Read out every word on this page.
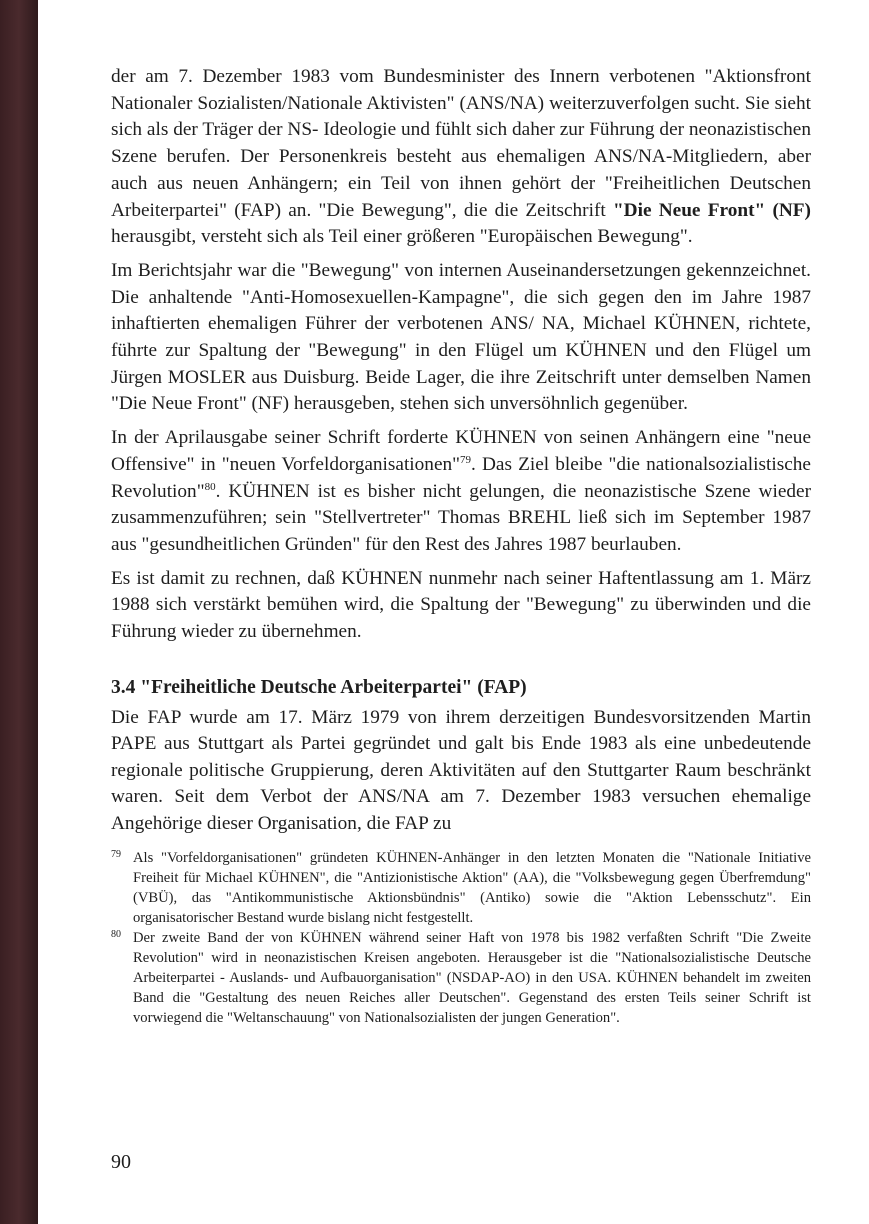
der am 7. Dezember 1983 vom Bundesminister des Innern verbotenen "Aktionsfront Nationaler Sozialisten/Nationale Aktivisten" (ANS/NA) weiterzuverfolgen sucht. Sie sieht sich als der Träger der NS- Ideologie und fühlt sich daher zur Führung der neonazistischen Szene berufen. Der Personenkreis besteht aus ehemaligen ANS/NA-Mitgliedern, aber auch aus neuen Anhängern; ein Teil von ihnen gehört der "Freiheitlichen Deutschen Arbeiterpartei" (FAP) an. "Die Bewegung", die die Zeitschrift "Die Neue Front" (NF) herausgibt, versteht sich als Teil einer größeren "Europäischen Bewegung".

Im Berichtsjahr war die "Bewegung" von internen Auseinandersetzungen gekennzeichnet. Die anhaltende "Anti-Homosexuellen-Kampagne", die sich gegen den im Jahre 1987 inhaftierten ehemaligen Führer der verbotenen ANS/ NA, Michael KÜHNEN, richtete, führte zur Spaltung der "Bewegung" in den Flügel um KÜHNEN und den Flügel um Jürgen MOSLER aus Duisburg. Beide Lager, die ihre Zeitschrift unter demselben Namen "Die Neue Front" (NF) herausgeben, stehen sich unversöhnlich gegenüber.

In der Aprilausgabe seiner Schrift forderte KÜHNEN von seinen Anhängern eine "neue Offensive" in "neuen Vorfeldorganisationen"$^{79}$. Das Ziel bleibe "die nationalsozialistische Revolution"$^{80}$. KÜHNEN ist es bisher nicht gelungen, die neonazistische Szene wieder zusammenzuführen; sein "Stellvertreter" Thomas BREHL ließ sich im September 1987 aus "gesundheitlichen Gründen" für den Rest des Jahres 1987 beurlauben.

Es ist damit zu rechnen, daß KÜHNEN nunmehr nach seiner Haftentlassung am 1. März 1988 sich verstärkt bemühen wird, die Spaltung der "Bewegung" zu überwinden und die Führung wieder zu übernehmen.

3.4 "Freiheitliche Deutsche Arbeiterpartei" (FAP)

Die FAP wurde am 17. März 1979 von ihrem derzeitigen Bundesvorsitzenden Martin PAPE aus Stuttgart als Partei gegründet und galt bis Ende 1983 als eine unbedeutende regionale politische Gruppierung, deren Aktivitäten auf den Stuttgarter Raum beschränkt waren. Seit dem Verbot der ANS/NA am 7. Dezember 1983 versuchen ehemalige Angehörige dieser Organisation, die FAP zu

79 Als "Vorfeldorganisationen" gründeten KÜHNEN-Anhänger in den letzten Monaten die "Nationale Initiative Freiheit für Michael KÜHNEN", die "Antizionistische Aktion" (AA), die "Volksbewegung gegen Überfremdung" (VBÜ), das "Antikommunistische Aktionsbündnis" (Antiko) sowie die "Aktion Lebensschutz". Ein organisatorischer Bestand wurde bislang nicht festgestellt.

80 Der zweite Band der von KÜHNEN während seiner Haft von 1978 bis 1982 verfaßten Schrift "Die Zweite Revolution" wird in neonazistischen Kreisen angeboten. Herausgeber ist die "Nationalsozialistische Deutsche Arbeiterpartei - Auslands- und Aufbauorganisation" (NSDAP-AO) in den USA. KÜHNEN behandelt im zweiten Band die "Gestaltung des neuen Reiches aller Deutschen". Gegenstand des ersten Teils seiner Schrift ist vorwiegend die "Weltanschauung" von Nationalsozialisten der jungen Generation".

90
